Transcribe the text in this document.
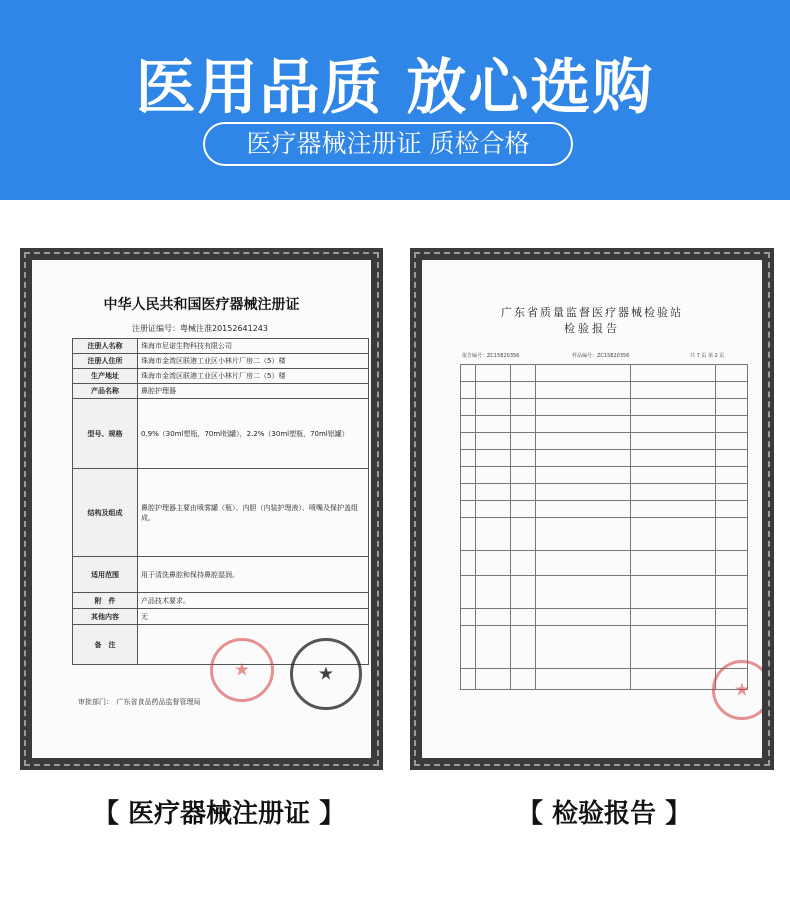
医用品质 放心选购
医疗器械注册证 质检合格
中华人民共和国医疗器械注册证
注册证编号：粤械注准20152641243
注册人名称	珠海市尼诺生物科技有限公司
注册人住所	珠海市金湾区联港工业区小林片厂房二（5）楼
生产地址	珠海市金湾区联港工业区小林片厂房二（5）楼
产品名称	鼻腔护理器
型号、规格	0.9%（30ml塑瓶，70ml铝罐），2.2%（30ml塑瓶，70ml铝罐）
结构及组成	鼻腔护理器主要由喷雾罐（瓶）、内胆（内装护理液）、喷嘴及保护盖组成。
适用范围	用于清洗鼻腔和保持鼻腔湿润。
附　件	产品技术要求。
其他内容	无
备　注	
审批部门：　广东省食品药品监督管理局
★
★
广东省质量监督医疗器械检验站
检验报告
报告编号：ZC15820356	样品编号：ZC15820356	共 7 页 第 2 页

★
【 医疗器械注册证 】	【 检验报告 】
